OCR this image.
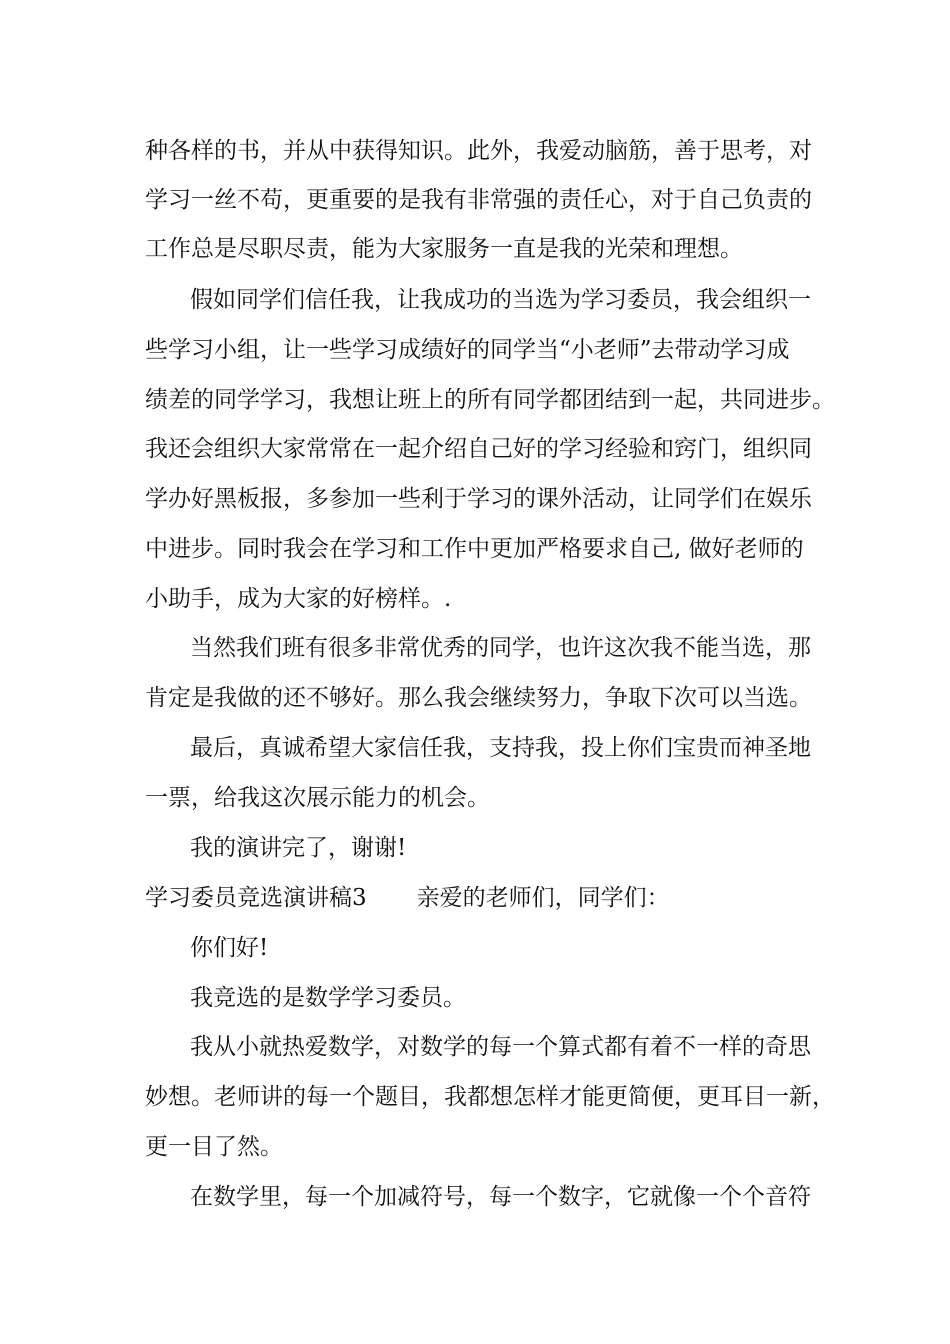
种各样的书，并从中获得知识。此外，我爱动脑筋，善于思考，对

学习一丝不苟，更重要的是我有非常强的责任心，对于自己负责的

工作总是尽职尽责，能为大家服务一直是我的光荣和理想。

假如同学们信任我，让我成功的当选为学习委员，我会组织一

些学习小组，让一些学习成绩好的同学当“小老师”去带动学习成

绩差的同学学习，我想让班上的所有同学都团结到一起，共同进步。

我还会组织大家常常在一起介绍自己好的学习经验和窍门，组织同

学办好黑板报，多参加一些利于学习的课外活动，让同学们在娱乐

中进步。同时我会在学习和工作中更加严格要求自己, 做好老师的

小助手，成为大家的好榜样。.

当然我们班有很多非常优秀的同学，也许这次我不能当选，那

肯定是我做的还不够好。那么我会继续努力，争取下次可以当选。

最后，真诚希望大家信任我，支持我，投上你们宝贵而神圣地

一票，给我这次展示能力的机会。

我的演讲完了，谢谢!

学习委员竞选演讲稿3 亲爱的老师们，同学们：

你们好!

我竞选的是数学学习委员。

我从小就热爱数学，对数学的每一个算式都有着不一样的奇思

妙想。老师讲的每一个题目，我都想怎样才能更简便，更耳目一新，

更一目了然。

在数学里，每一个加减符号，每一个数字，它就像一个个音符
